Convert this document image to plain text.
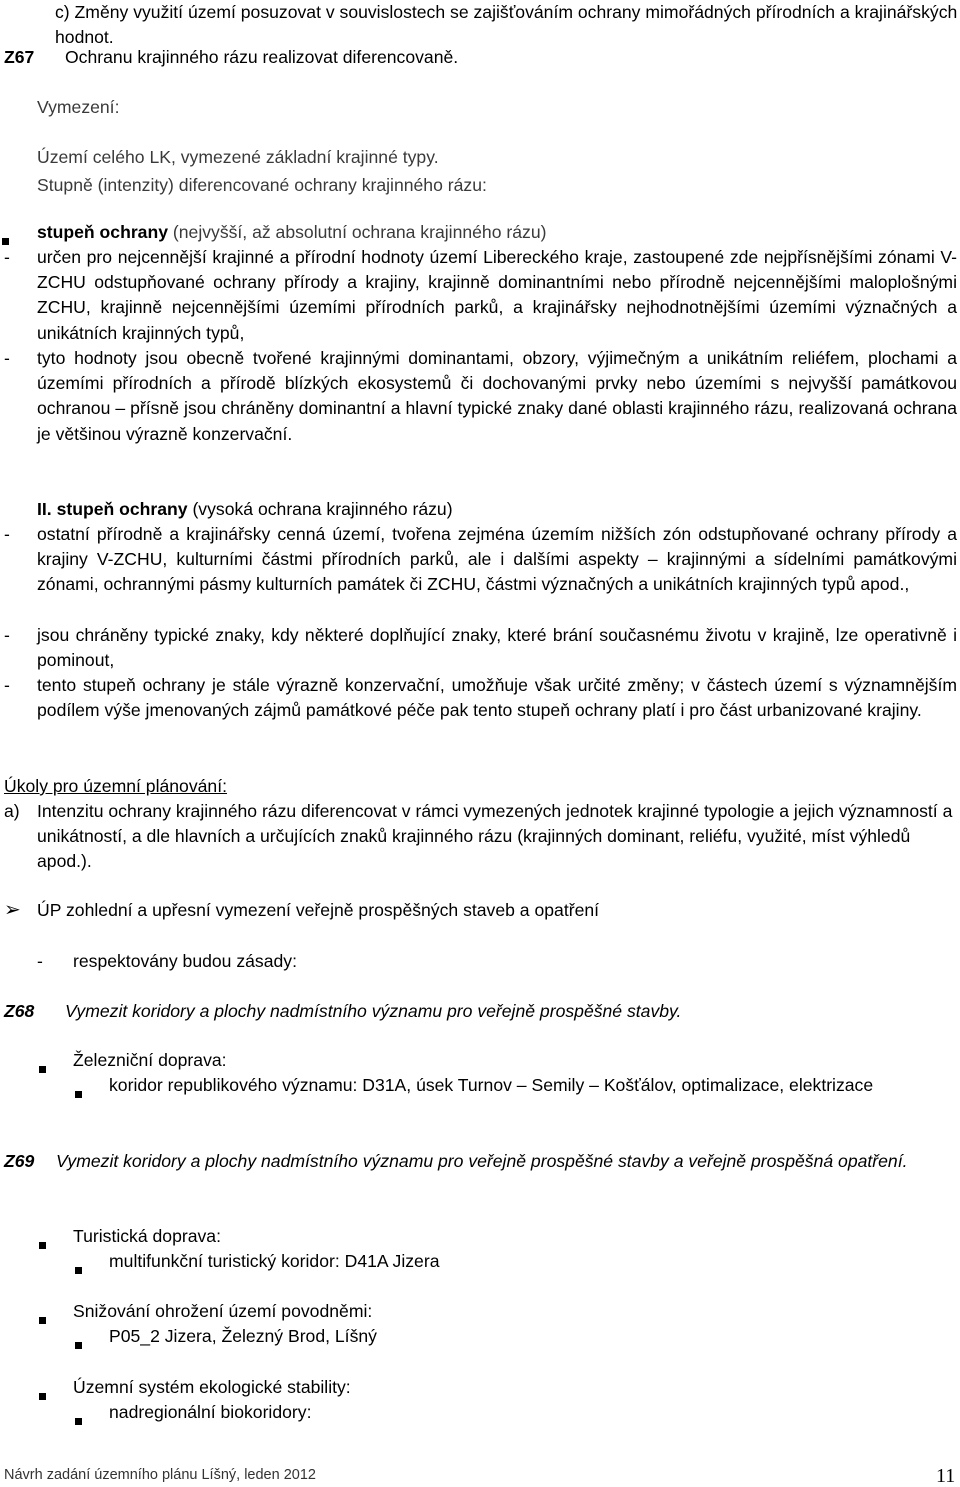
c) Změny využití území posuzovat v souvislostech se zajišťováním ochrany mimořádných přírodních a krajinářských hodnot.
Z67 Ochranu krajinného rázu realizovat diferencovaně.
Vymezení:
Území celého LK, vymezené základní krajinné typy.
Stupně (intenzity) diferencované ochrany krajinného rázu:
stupeň ochrany (nejvyšší, až absolutní ochrana krajinného rázu)
- určen pro nejcennější krajinné a přírodní hodnoty území Libereckého kraje, zastoupené zde nejpřísnějšími zónami V-ZCHU odstupňované ochrany přírody a krajiny, krajinně dominantními nebo přírodně nejcennějšími maloplošnými ZCHU, krajinně nejcennějšími územími přírodních parků, a krajinářsky nejhodnotnějšími územími význačných a unikátních krajinných typů,
- tyto hodnoty jsou obecně tvořené krajinnými dominantami, obzory, výjimečným a unikátním reliéfem, plochami a územími přírodních a přírodě blízkých ekosystemů či dochovanými prvky nebo územími s nejvyšší památkovou ochranou – přísně jsou chráněny dominantní a hlavní typické znaky dané oblasti krajinného rázu, realizovaná ochrana je většinou výrazně konzervační.
II. stupeň ochrany (vysoká ochrana krajinného rázu)
- ostatní přírodně a krajinářsky cenná území, tvořena zejména územím nižších zón odstupňované ochrany přírody a krajiny V-ZCHU, kulturními částmi přírodních parků, ale i dalšími aspekty – krajinnými a sídelními památkovými zónami, ochrannými pásmy kulturních památek či ZCHU, částmi význačných a unikátních krajinných typů apod.,
- jsou chráněny typické znaky, kdy některé doplňující znaky, které brání současnému životu v krajině, lze operativně i pominout,
- tento stupeň ochrany je stále výrazně konzervační, umožňuje však určité změny; v částech území s významnějším podílem výše jmenovaných zájmů památkové péče pak tento stupeň ochrany platí i pro část urbanizované krajiny.
Úkoly pro územní plánování:
a) Intenzitu ochrany krajinného rázu diferencovat v rámci vymezených jednotek krajinné typologie a jejich významností a unikátností, a dle hlavních a určujících znaků krajinného rázu (krajinných dominant, reliéfu, využité, míst výhledů apod.).
➢ ÚP zohlední a upřesní vymezení veřejně prospěšných staveb a opatření
- respektovány budou zásady:
Z68 Vymezit koridory a plochy nadmístního významu pro veřejně prospěšné stavby.
Železniční doprava:
koridor republikového významu: D31A, úsek Turnov – Semily – Košťálov, optimalizace, elektrizace
Z69 Vymezit koridory a plochy nadmístního významu pro veřejně prospěšné stavby a veřejně prospěšná opatření.
Turistická doprava:
multifunkční turistický koridor: D41A Jizera
Snižování ohrožení území povodněmi:
P05_2 Jizera, Železný Brod, Líšný
Územní systém ekologické stability:
nadregionální biokoridory:
Návrh zadání územního plánu Líšný, leden 2012	11
